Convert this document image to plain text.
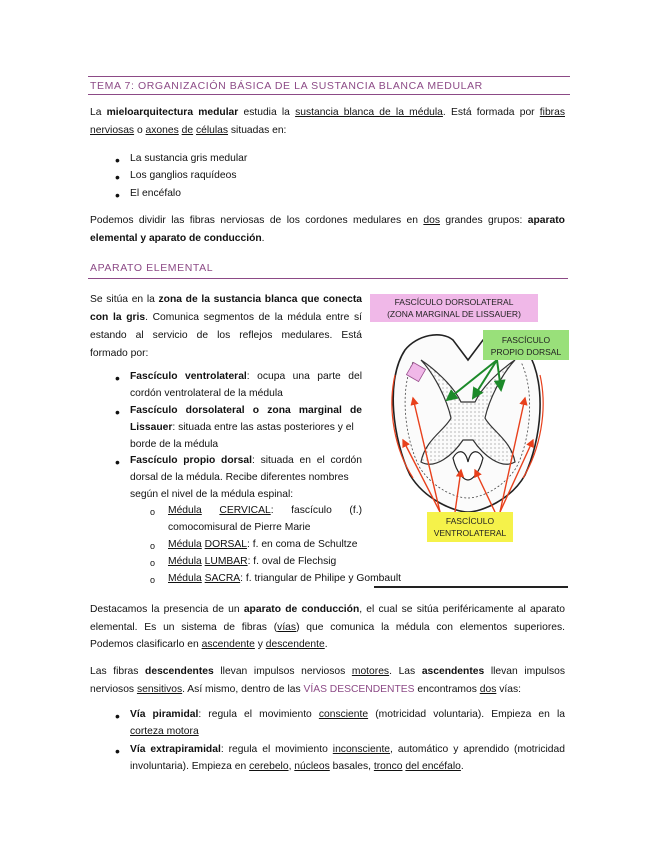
TEMA 7: ORGANIZACIÓN BÁSICA DE LA SUSTANCIA BLANCA MEDULAR
La mieloarquitectura medular estudia la sustancia blanca de la médula. Está formada por fibras
nerviosas o axones de células situadas en:
• La sustancia gris medular
• Los ganglios raquídeos
• El encéfalo
Podemos dividir las fibras nerviosas de los cordones medulares en dos grandes grupos: aparato
elemental y aparato de conducción.
APARATO ELEMENTAL
Se sitúa en la zona de la sustancia blanca que conecta
con la gris. Comunica segmentos de la médula entre sí
estando al servicio de los reflejos medulares. Está
formado por:
• Fascículo ventrolateral: ocupa una parte del
cordón ventrolateral de la médula
• Fascículo dorsolateral o zona marginal de
Lissauer: situada entre las astas posteriores y el
borde de la médula
• Fascículo propio dorsal: situada en el cordón
dorsal de la médula. Recibe diferentes nombres
según el nivel de la médula espinal:
o Médula CERVICAL: fascículo (f.)
comocomisural de Pierre Marie
o Médula DORSAL: f. en coma de Schultze
o Médula LUMBAR: f. oval de Flechsig
o Médula SACRA: f. triangular de Philipe y Gombault
FASCÍCULO DORSOLATERAL
(ZONA MARGINAL DE LISSAUER)
FASCÍCULO
PROPIO DORSAL
FASCÍCULO
VENTROLATERAL
Destacamos la presencia de un aparato de conducción, el cual se sitúa periféricamente al aparato
elemental. Es un sistema de fibras (vías) que comunica la médula con elementos superiores.
Podemos clasificarlo en ascendente y descendente.
Las fibras descendentes llevan impulsos nerviosos motores. Las ascendentes llevan impulsos
nerviosos sensitivos. Así mismo, dentro de las VÍAS DESCENDENTES encontramos dos vías:
• Vía piramidal: regula el movimiento consciente (motricidad voluntaria). Empieza en la
corteza motora
• Vía extrapiramidal: regula el movimiento inconsciente, automático y aprendido (motricidad
involuntaria). Empieza en cerebelo, núcleos basales, tronco del encéfalo.
